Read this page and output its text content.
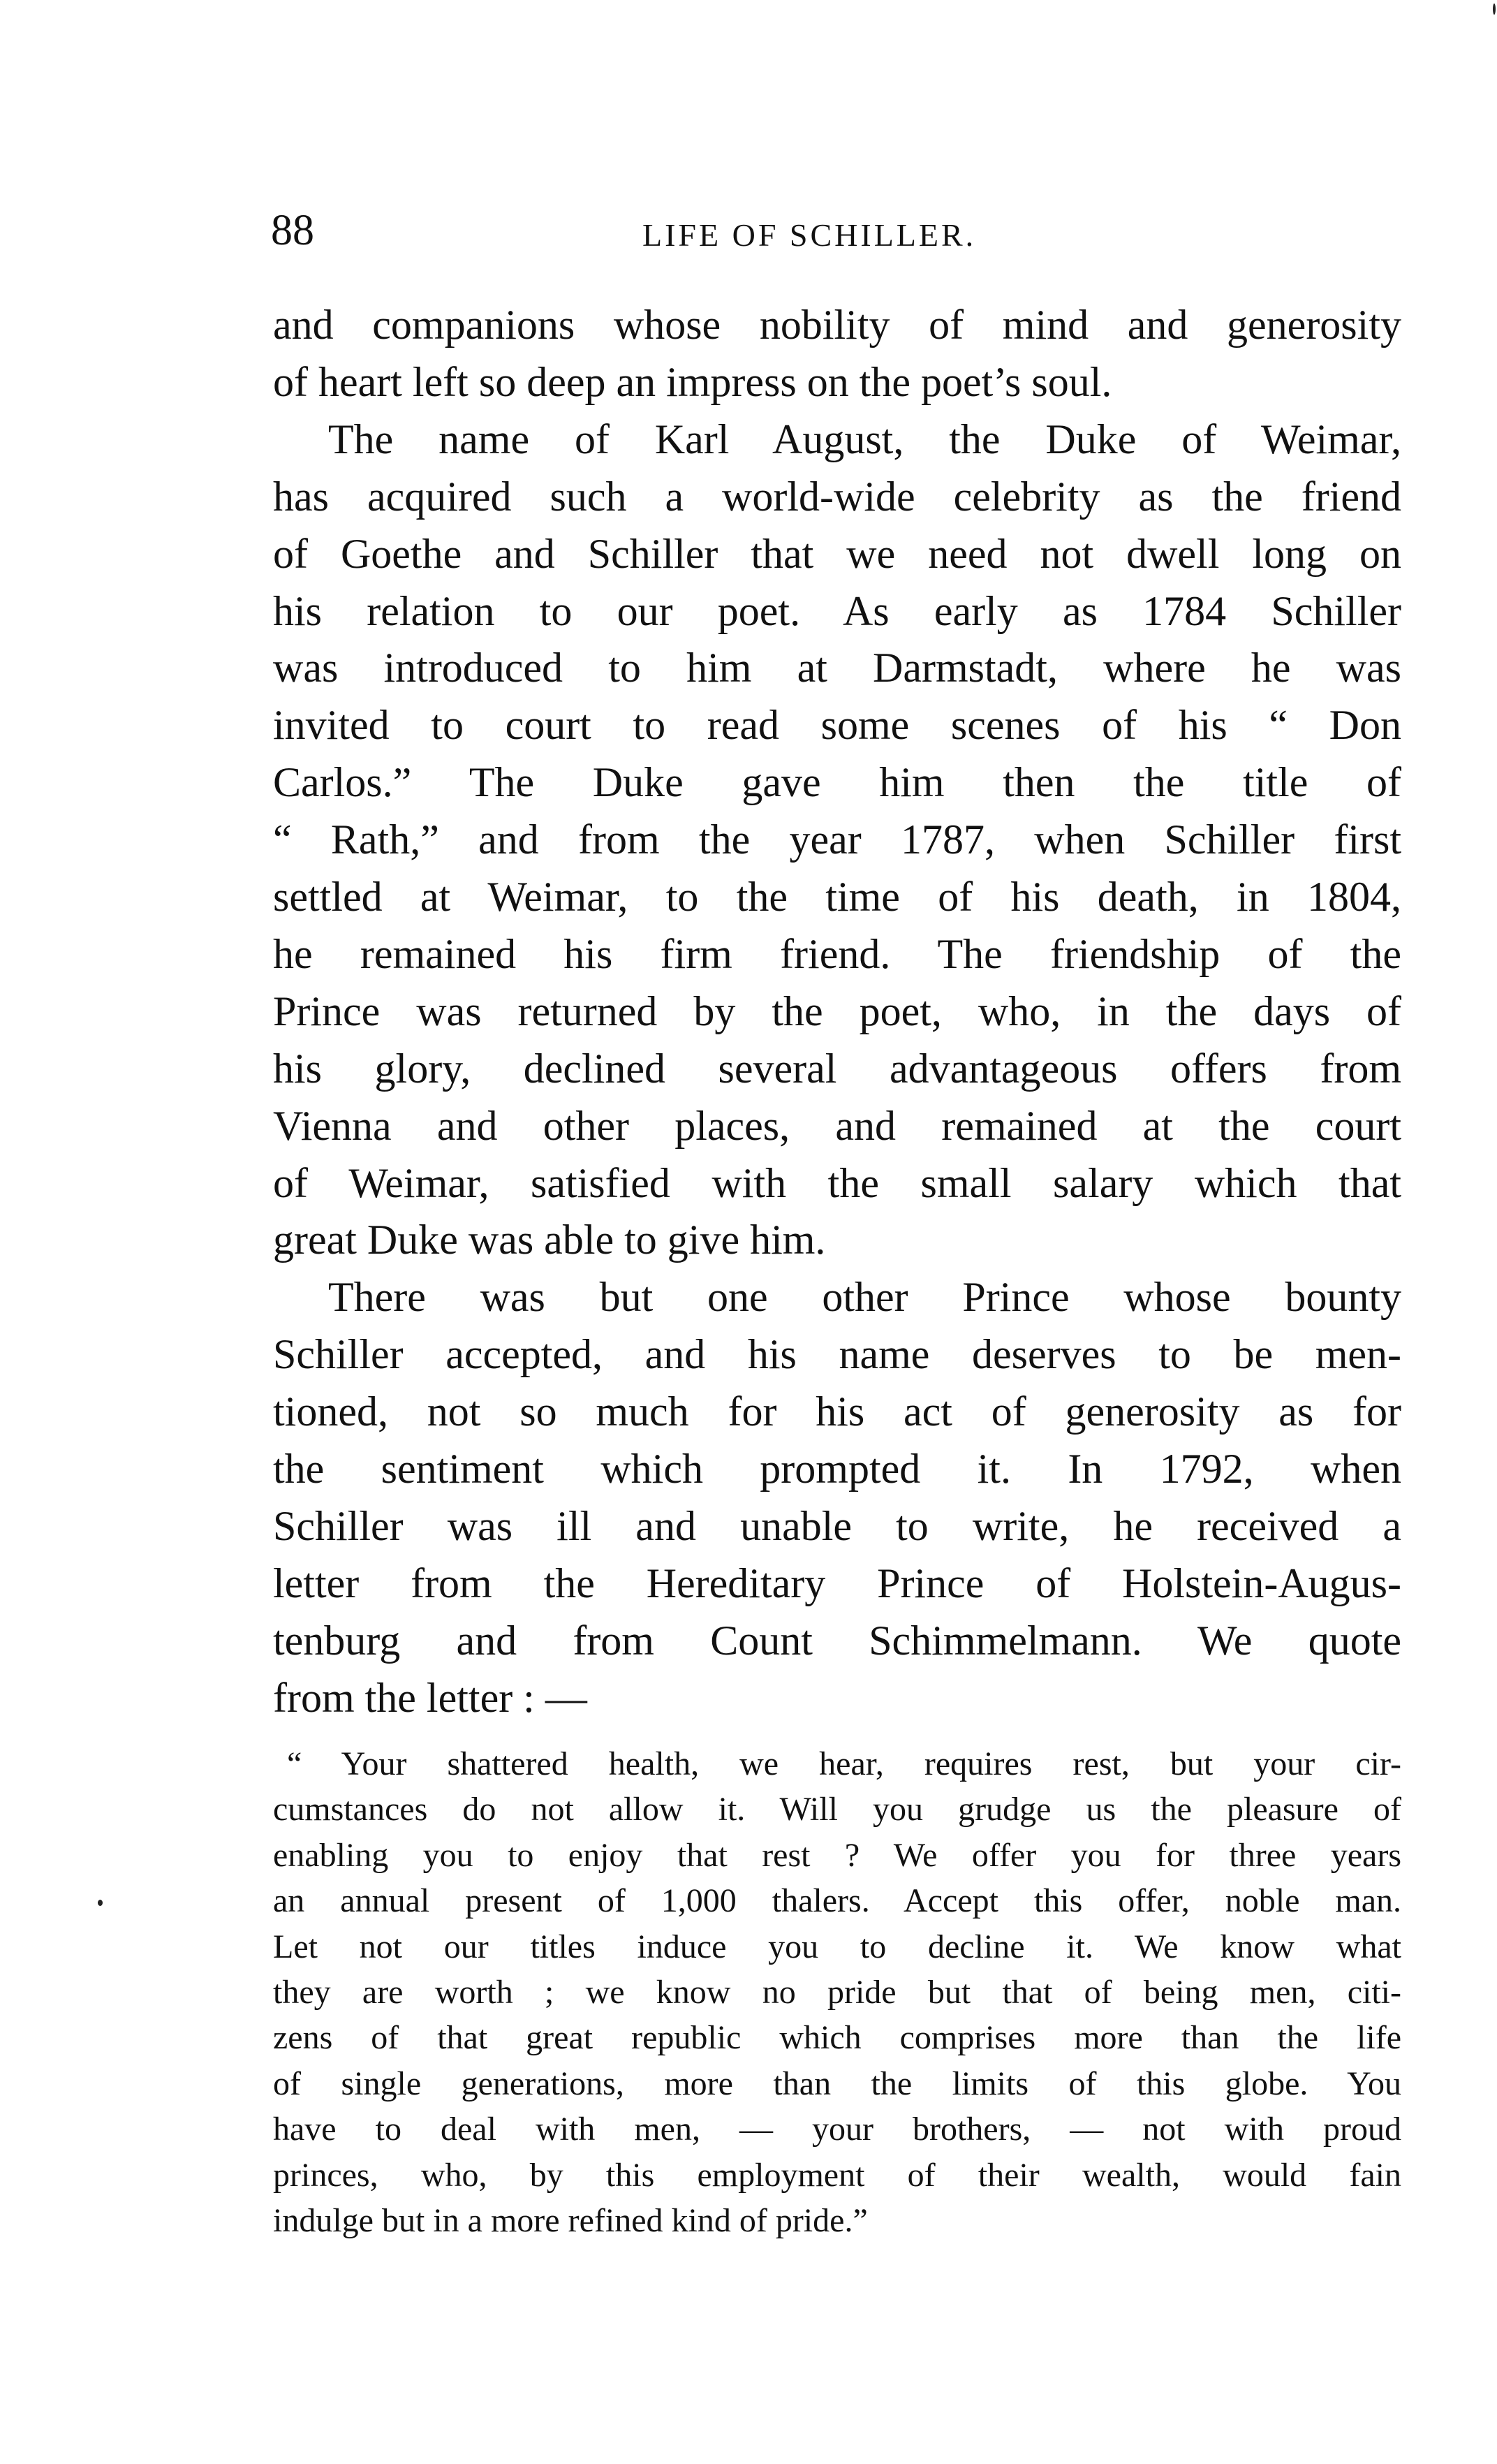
88	LIFE OF SCHILLER.
and companions whose nobility of mind and generosity
of heart left so deep an impress on the poet’s soul.
The name of Karl August, the Duke of Weimar,
has acquired such a world-wide celebrity as the friend
of Goethe and Schiller that we need not dwell long on
his relation to our poet. As early as 1784 Schiller
was introduced to him at Darmstadt, where he was
invited to court to read some scenes of his “ Don
Carlos.” The Duke gave him then the title of
“ Rath,” and from the year 1787, when Schiller first
settled at Weimar, to the time of his death, in 1804,
he remained his firm friend. The friendship of the
Prince was returned by the poet, who, in the days of
his glory, declined several advantageous offers from
Vienna and other places, and remained at the court
of Weimar, satisfied with the small salary which that
great Duke was able to give him.
There was but one other Prince whose bounty
Schiller accepted, and his name deserves to be men-
tioned, not so much for his act of generosity as for
the sentiment which prompted it. In 1792, when
Schiller was ill and unable to write, he received a
letter from the Hereditary Prince of Holstein-Augus-
tenburg and from Count Schimmelmann. We quote
from the letter : —
“ Your shattered health, we hear, requires rest, but your cir-
cumstances do not allow it. Will you grudge us the pleasure of
enabling you to enjoy that rest ? We offer you for three years
an annual present of 1,000 thalers. Accept this offer, noble man.
Let not our titles induce you to decline it. We know what
they are worth ; we know no pride but that of being men, citi-
zens of that great republic which comprises more than the life
of single generations, more than the limits of this globe. You
have to deal with men, — your brothers, — not with proud
princes, who, by this employment of their wealth, would fain
indulge but in a more refined kind of pride.”
